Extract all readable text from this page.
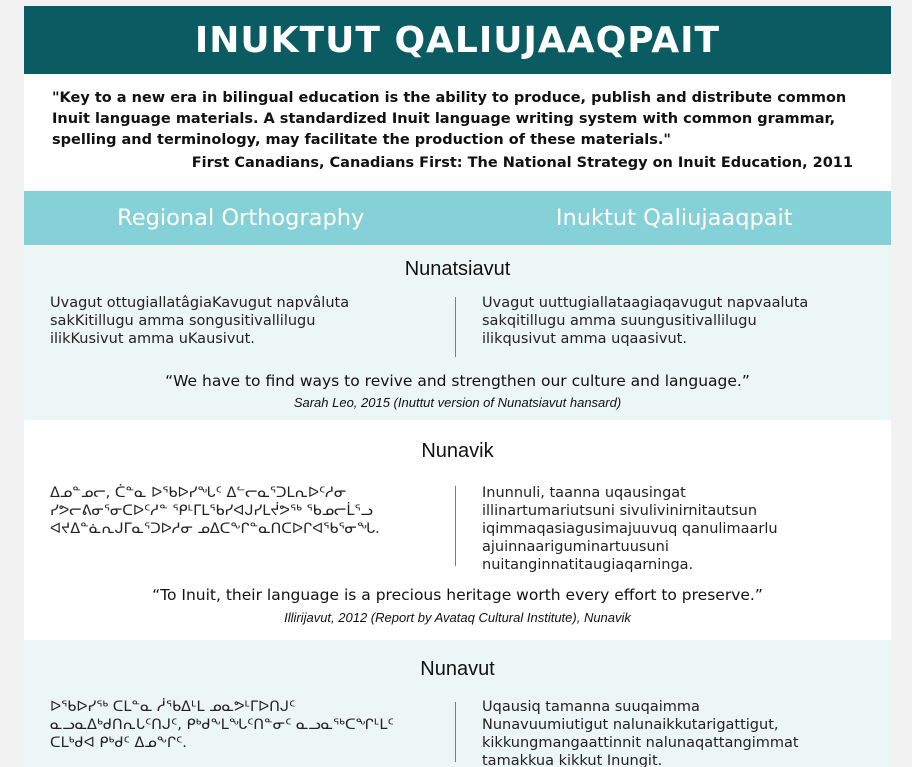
INUKTUT QALIUJAAQPAIT

"Key to a new era in bilingual education is the ability to produce, publish and distribute common Inuit language materials. A standardized Inuit language writing system with common grammar, spelling and terminology, may facilitate the production of these materials."

First Canadians, Canadians First: The National Strategy on Inuit Education, 2011
Regional Orthography	Inuktut Qaliujaaqpait
Nunatsiavut
Uvagut ottugiallatâgiaKavugut napvâluta
sakKitillugu amma songusitivallilugu
ilikKusivut amma uKausivut.
Uvagut uuttugiallataagiaqavugut napvaaluta
sakqitillugu amma suungusitivallilugu
ilikqusivut amma uqaasivut.
“We have to find ways to revive and strengthen our culture and language.”
Sarah Leo, 2015 (Inuttut version of Nunatsiavut hansard)
Nunavik
ᐃᓄᓐᓄᓕ, ᑖᓐᓇ ᐅᖃᐅᓯᖓᑦ ᐃᓪᓕᓇᕐᑐᒪᕆᐅᑦᓱᓂ
ᓯᕗᓕᕕᓂᕐᓂᑕᐅᑦᓱᓐ ᕿᒻᒥᒪᖃᓯᐊᒍᓯᒪᔫᕗᖅ ᖃᓄᓕᒫᕐᓗ
ᐊᔪᐃᓐᓈᕆᒍᒥᓇᕐᑐᐅᓱᓂ ᓄᐃᑕᖕᒋᓐᓇᑎᑕᐅᒋᐊᖃᕐᓂᖓ.
Inunnuli, taanna uqausingat
illinartumariutsuni sivulivinirnitautsun
iqimmaqasiagusimajuuvuq qanulimaarlu
ajuinnaariguminartuusuni
nuitanginnatitaugiaqarninga.
“To Inuit, their language is a precious heritage worth every effort to preserve.”
Illirijavut, 2012 (Report by Avataq Cultural Institute), Nunavik
Nunavut
ᐅᖃᐅᓯᖅ ᑕᒪᓐᓇ ᓲᖃᐃᒻᒪ ᓄᓇᕗᒻᒥᐅᑎᒍᑦ
ᓇᓗᓇᐃᒃᑯᑎᕆᒐᑦᑎᒍᑦ, ᑭᒃᑯᖕᒪᖓᑦᑎᓐᓂᑦ ᓇᓗᓇᖅᑕᖏᒻᒪᑦ
ᑕᒪᒃᑯᐊ ᑭᒃᑯᑦ ᐃᓄᖕᒋᑦ.
Uqausiq tamanna suuqaimma
Nunavuumiutigut nalunaikkutarigattigut,
kikkungmangaattinnit nalunaqattangimmat
tamakkua kikkut Inungit.
